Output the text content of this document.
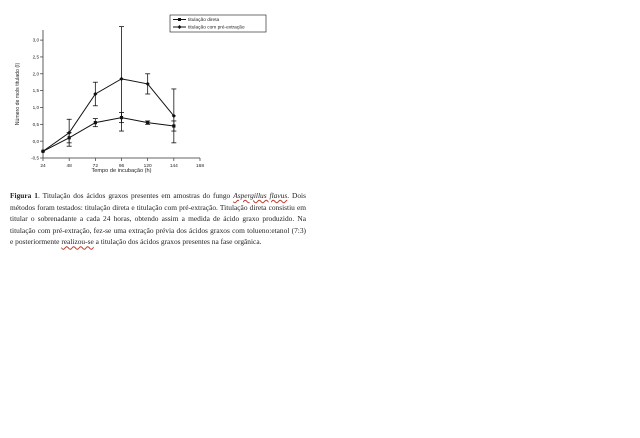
24	48	72	96	120	144	168
-0,5
0,0
0,5
1,0
1,5
2,0
2,5
3,0
Tempo de incubação (h)
Número de mols titulado (I)
titulação direta
titulação com pré-extração
Figura 1. Titulação dos ácidos graxos presentes em amostras do fungo Aspergillus flavus. Dois métodos foram testados: titulação direta e titulação com pré-extração. Titulação direta consistiu em titular o sobrenadante a cada 24 horas, obtendo assim a medida de ácido graxo produzido. Na titulação com pré-extração, fez-se uma extração prévia dos ácidos graxos com tolueno:etanol (7:3) e posteriormente realizou-se a titulação dos ácidos graxos presentes na fase orgânica.
